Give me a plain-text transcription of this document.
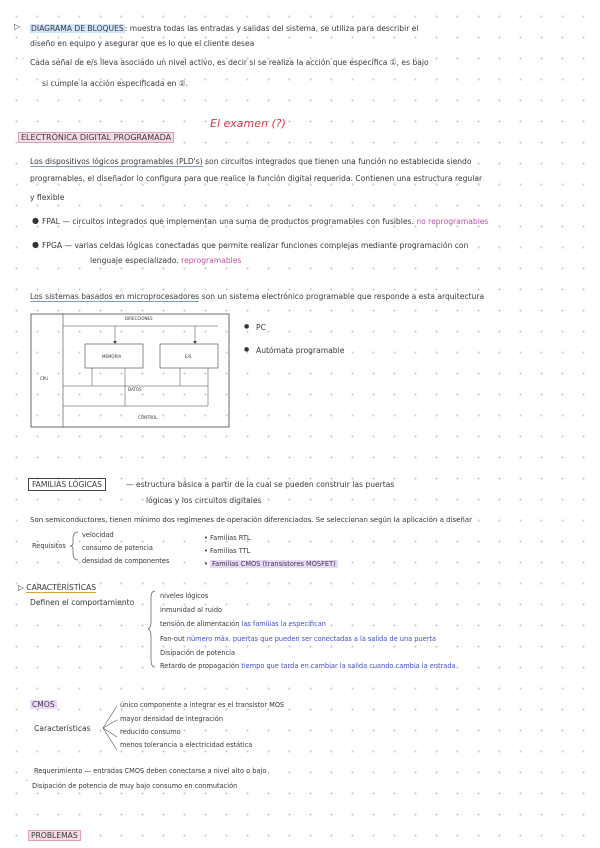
▷ DIAGRAMA DE BLOQUES: muestra todas las entradas y salidas del sistema, se utiliza para describir el
diseño en equipo y asegurar que es lo que el cliente desea
· Cada señal de e/s lleva asociado un nivel activo, es decir si se realiza la acción que especifica ①, es bajo
si cumple la acción especificada en ②.
ELECTRÓNICA DIGITAL PROGRAMADA
El examen (?)
Los dispositivos lógicos programables (PLD's) son circuitos integrados que tienen una función no establecida siendo
programables, el diseñador lo configura para que realice la función digital requerida. Contienen una estructura regular
y flexible
● FPAL — circuitos integrados que implementan una suma de productos programables con fusibles. no reprogramables
● FPGA — varias celdas lógicas conectadas que permite realizar funciones complejas mediante programación con
lenguaje especializado. reprogramables
Los sistemas basados en microprocesadores son un sistema electrónico programable que responde a esta arquitectura
DIRECCIONES
MEMORIA	E/S
CPU
DATOS
CONTROL
● PC
● Autómata programable
FAMILIAS LÓGICAS	— estructura básica a partir de la cual se pueden construir las puertas
lógicas y los circuitos digitales
Son semiconductores, tienen mínimo dos regímenes de operación diferenciados. Se seleccionan según la aplicación a diseñar
Requisitos
velocidad
consumo de potencia
densidad de componentes
• Familias RTL
• Familias TTL
• Familias CMOS (transistores MOSFET)
▷ CARACTERÍSTICAS
Definen el comportamiento
niveles lógicos
inmunidad al ruido
tensión de alimentación las familias la especifican
Fan-out número máx. puertas que pueden ser conectadas a la salida de una puerta
Disipación de potencia
Retardo de propagación tiempo que tarda en cambiar la salida cuando cambia la entrada
CMOS
Características
único componente a integrar es el transistor MOS
mayor densidad de integración
reducido consumo
menos tolerancia a electricidad estática
Requerimiento — entradas CMOS deben conectarse a nivel alto o bajo
·
Disipación de potencia de muy bajo consumo en conmutación
PROBLEMAS
